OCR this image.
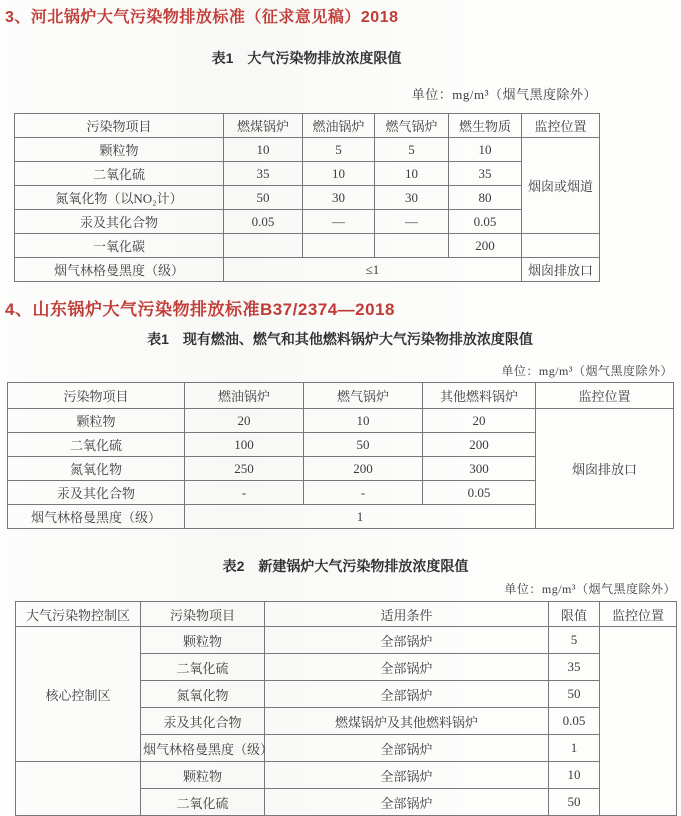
3、河北锅炉大气污染物排放标准（征求意见稿）2018
表1　大气污染物排放浓度限值
单位：mg/m³（烟气黑度除外）
污染物项目	燃煤锅炉	燃油锅炉	燃气锅炉	燃生物质	监控位置
颗粒物	10	5	5	10	烟囱或烟道
二氧化硫	35	10	10	35	
氮氧化物（以NO₂计）	50	30	30	80	
汞及其化合物	0.05	—	—	0.05	
一氧化碳				200	
烟气林格曼黑度（级）	≤1				烟囱排放口
4、山东锅炉大气污染物排放标准B37/2374—2018
表1　现有燃油、燃气和其他燃料锅炉大气污染物排放浓度限值
单位：mg/m³（烟气黑度除外）
污染物项目	燃油锅炉	燃气锅炉	其他燃料锅炉	监控位置
颗粒物	20	10	20	烟囱排放口
二氧化硫	100	50	200	
氮氧化物	250	200	300	
汞及其化合物	-	-	0.05	
烟气林格曼黑度（级）	1			
表2　新建锅炉大气污染物排放浓度限值
单位：mg/m³（烟气黑度除外）
大气污染物控制区	污染物项目	适用条件	限值	监控位置
核心控制区	颗粒物	全部锅炉	5	
	二氧化硫	全部锅炉	35	
	氮氧化物	全部锅炉	50	
	汞及其化合物	燃煤锅炉及其他燃料锅炉	0.05	
	烟气林格曼黑度（级）	全部锅炉	1	
	颗粒物	全部锅炉	10	
	二氧化硫	全部锅炉	50	
